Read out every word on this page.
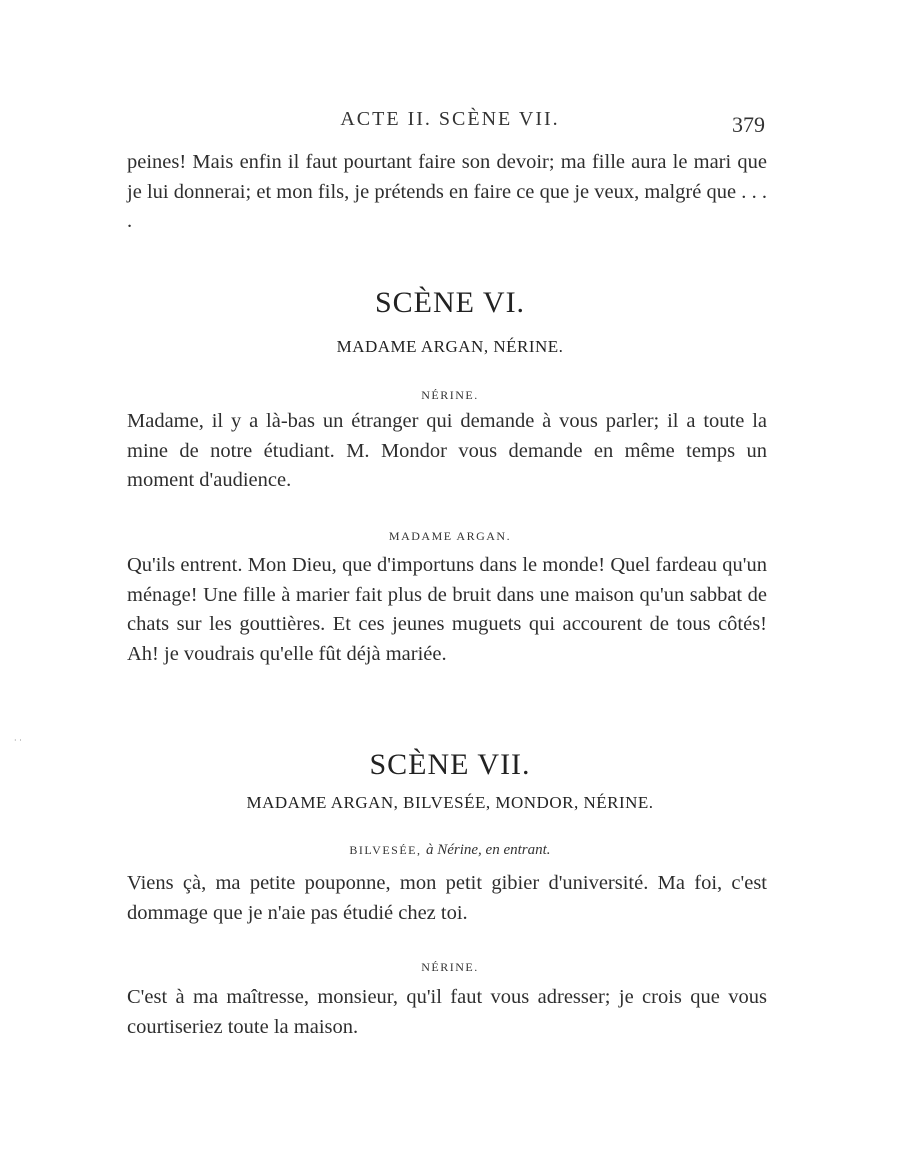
ACTE II. SCÈNE VII.	379

peines! Mais enfin il faut pourtant faire son devoir; ma fille aura le mari que je lui donnerai; et mon fils, je prétends en faire ce que je veux, malgré que . . . .

SCÈNE VI.
MADAME ARGAN, NÉRINE.
NÉRINE.

Madame, il y a là-bas un étranger qui demande à vous parler; il a toute la mine de notre étudiant. M. Mondor vous demande en même temps un moment d'audience.

MADAME ARGAN.

Qu'ils entrent. Mon Dieu, que d'importuns dans le monde! Quel fardeau qu'un ménage! Une fille à marier fait plus de bruit dans une maison qu'un sabbat de chats sur les gouttières. Et ces jeunes muguets qui accourent de tous côtés! Ah! je voudrais qu'elle fût déjà mariée.

· ·
SCÈNE VII.
MADAME ARGAN, BILVESÉE, MONDOR, NÉRINE.
BILVESÉE, à Nérine, en entrant.

Viens çà, ma petite pouponne, mon petit gibier d'université. Ma foi, c'est dommage que je n'aie pas étudié chez toi.

NÉRINE.

C'est à ma maîtresse, monsieur, qu'il faut vous adresser; je crois que vous courtiseriez toute la maison.
